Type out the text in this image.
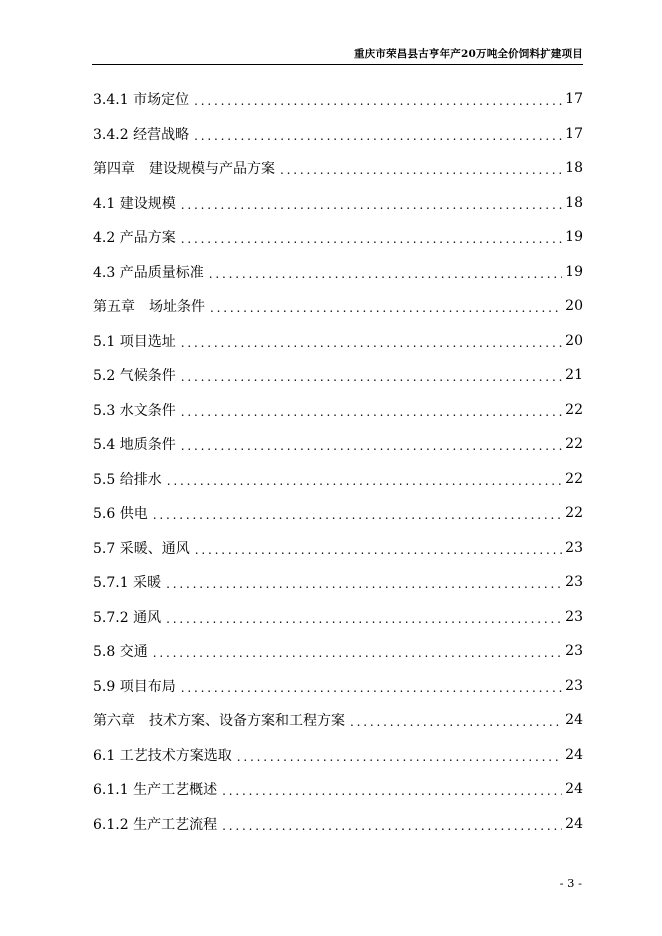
重庆市荣昌县古亨年产20万吨全价饲料扩建项目
3.4.1 市场定位 . . .	17
3.4.2 经营战略 . . .	17
第四章　建设规模与产品方案 . . .	18
4.1 建设规模 . . .	18
4.2 产品方案 . . .	19
4.3 产品质量标准 . . .	19
第五章　场址条件 . . .	20
5.1 项目选址 . . .	20
5.2 气候条件 . . .	21
5.3 水文条件 . . .	22
5.4 地质条件 . . .	22
5.5 给排水 . . .	22
5.6 供电 . . .	22
5.7 采暖、通风 . . .	23
5.7.1 采暖 . . .	23
5.7.2 通风 . . .	23
5.8 交通 . . .	23
5.9 项目布局 . . .	23
第六章　技术方案、设备方案和工程方案 . . .	24
6.1 工艺技术方案选取 . . .	24
6.1.1 生产工艺概述 . . .	24
6.1.2 生产工艺流程 . . .	24
- 3 -
